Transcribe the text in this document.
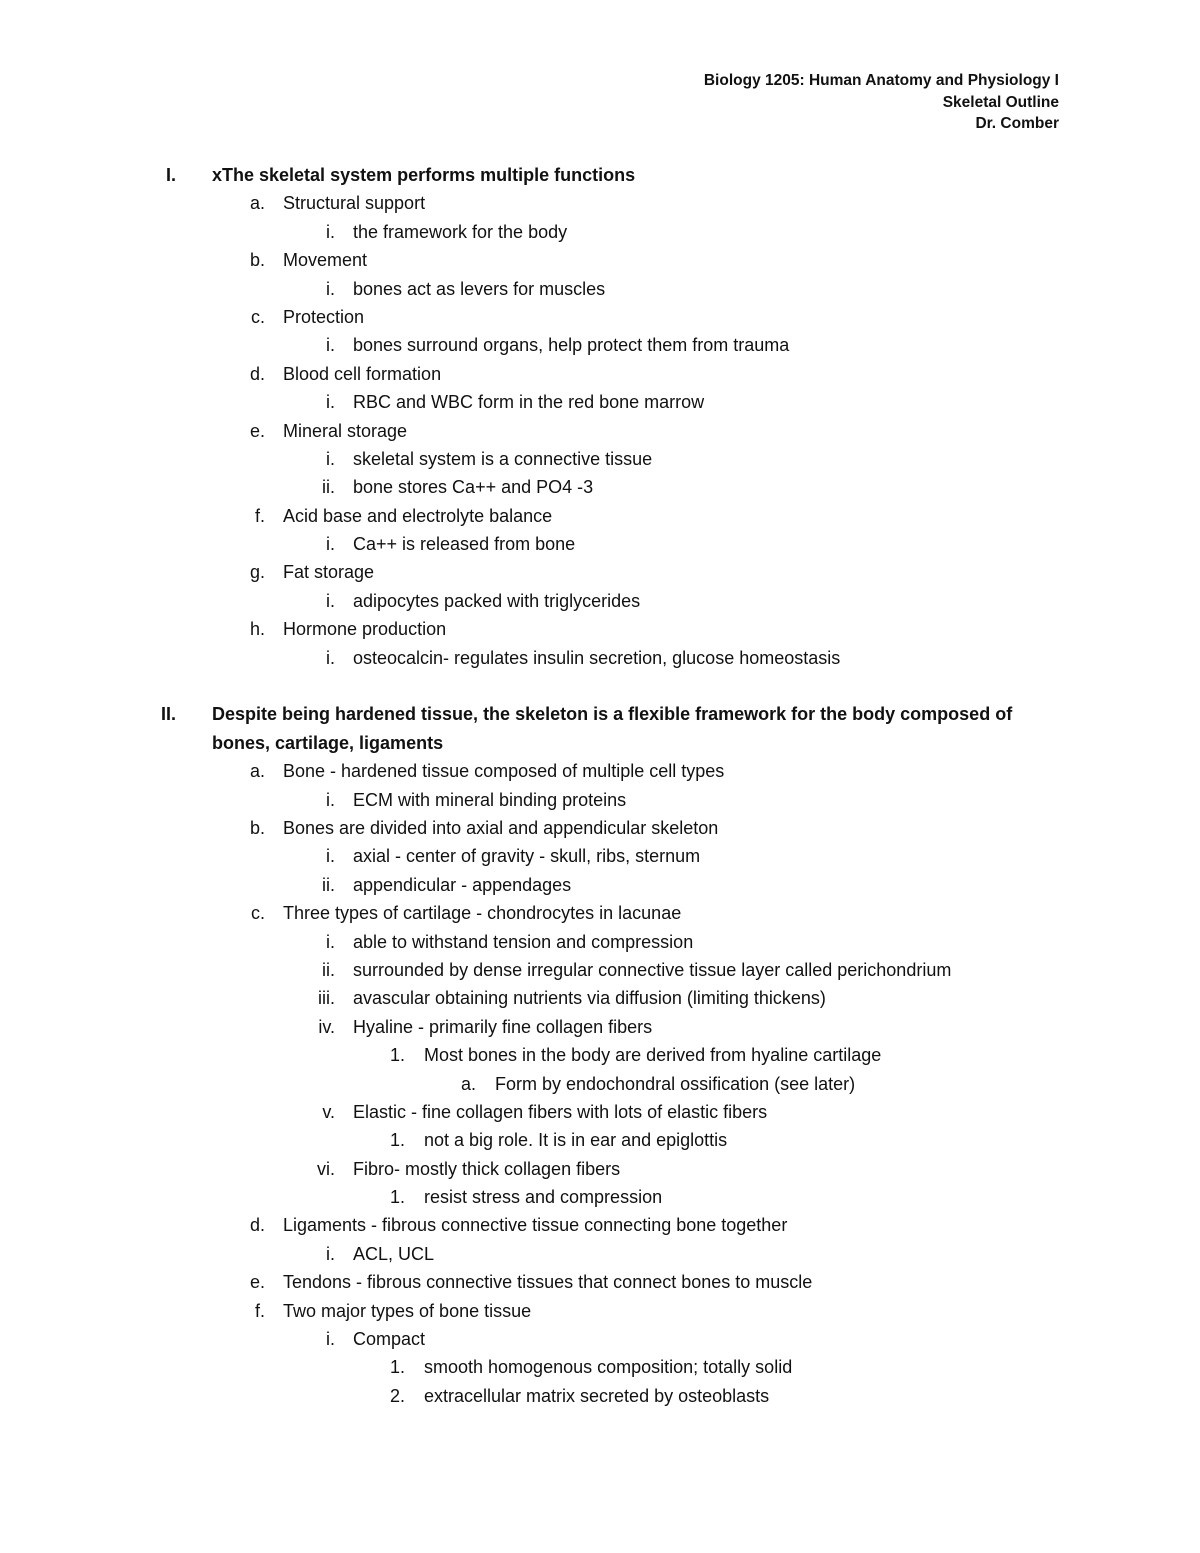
Biology 1205: Human Anatomy and Physiology I
Skeletal Outline
Dr. Comber
I. xThe skeletal system performs multiple functions
a. Structural support
i. the framework for the body
b. Movement
i. bones act as levers for muscles
c. Protection
i. bones surround organs, help protect them from trauma
d. Blood cell formation
i. RBC and WBC form in the red bone marrow
e. Mineral storage
i. skeletal system is a connective tissue
ii. bone stores Ca++ and PO4 -3
f. Acid base and electrolyte balance
i. Ca++ is released from bone
g. Fat storage
i. adipocytes packed with triglycerides
h. Hormone production
i. osteocalcin- regulates insulin secretion, glucose homeostasis
II. Despite being hardened tissue, the skeleton is a flexible framework for the body composed of bones, cartilage, ligaments
a. Bone - hardened tissue composed of multiple cell types
i. ECM with mineral binding proteins
b. Bones are divided into axial and appendicular skeleton
i. axial - center of gravity - skull, ribs, sternum
ii. appendicular - appendages
c. Three types of cartilage - chondrocytes in lacunae
i. able to withstand tension and compression
ii. surrounded by dense irregular connective tissue layer called perichondrium
iii. avascular obtaining nutrients via diffusion (limiting thickens)
iv. Hyaline - primarily fine collagen fibers
1. Most bones in the body are derived from hyaline cartilage
a. Form by endochondral ossification (see later)
v. Elastic - fine collagen fibers with lots of elastic fibers
1. not a big role. It is in ear and epiglottis
vi. Fibro- mostly thick collagen fibers
1. resist stress and compression
d. Ligaments - fibrous connective tissue connecting bone together
i. ACL, UCL
e. Tendons - fibrous connective tissues that connect bones to muscle
f. Two major types of bone tissue
i. Compact
1. smooth homogenous composition; totally solid
2. extracellular matrix secreted by osteoblasts
